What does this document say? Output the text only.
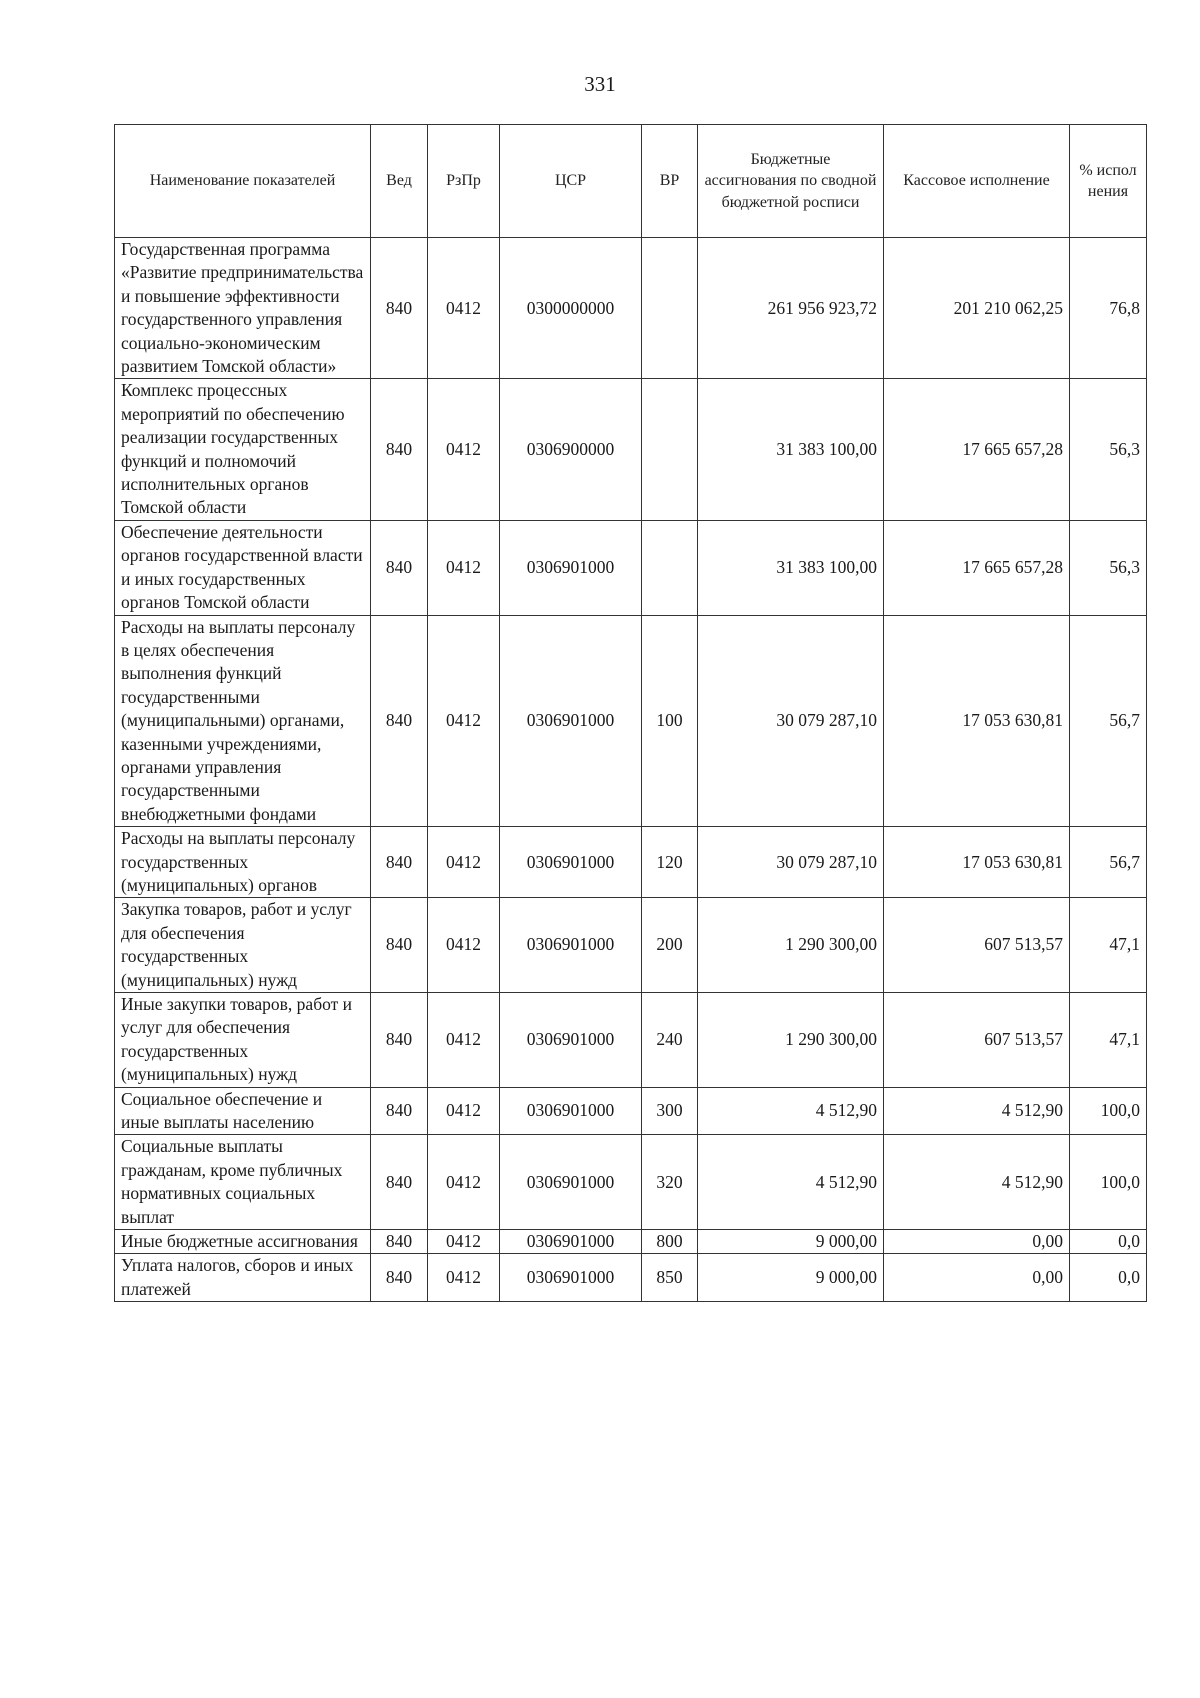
331
Наименование показателей	Вед	РзПр	ЦСР	ВР	Бюджетные ассигнования по сводной бюджетной росписи	Кассовое исполнение	% испол нения
Государственная программа «Развитие предпринимательства и повышение эффективности государственного управления социально-экономическим развитием Томской области»	840	0412	0300000000		261 956 923,72	201 210 062,25	76,8
Комплекс процессных мероприятий по обеспечению реализации государственных функций и полномочий исполнительных органов Томской области	840	0412	0306900000		31 383 100,00	17 665 657,28	56,3
Обеспечение деятельности органов государственной власти и иных государственных органов Томской области	840	0412	0306901000		31 383 100,00	17 665 657,28	56,3
Расходы на выплаты персоналу в целях обеспечения выполнения функций государственными (муниципальными) органами, казенными учреждениями, органами управления государственными внебюджетными фондами	840	0412	0306901000	100	30 079 287,10	17 053 630,81	56,7
Расходы на выплаты персоналу государственных (муниципальных) органов	840	0412	0306901000	120	30 079 287,10	17 053 630,81	56,7
Закупка товаров, работ и услуг для обеспечения государственных (муниципальных) нужд	840	0412	0306901000	200	1 290 300,00	607 513,57	47,1
Иные закупки товаров, работ и услуг для обеспечения государственных (муниципальных) нужд	840	0412	0306901000	240	1 290 300,00	607 513,57	47,1
Социальное обеспечение и иные выплаты населению	840	0412	0306901000	300	4 512,90	4 512,90	100,0
Социальные выплаты гражданам, кроме публичных нормативных социальных выплат	840	0412	0306901000	320	4 512,90	4 512,90	100,0
Иные бюджетные ассигнования	840	0412	0306901000	800	9 000,00	0,00	0,0
Уплата налогов, сборов и иных платежей	840	0412	0306901000	850	9 000,00	0,00	0,0
